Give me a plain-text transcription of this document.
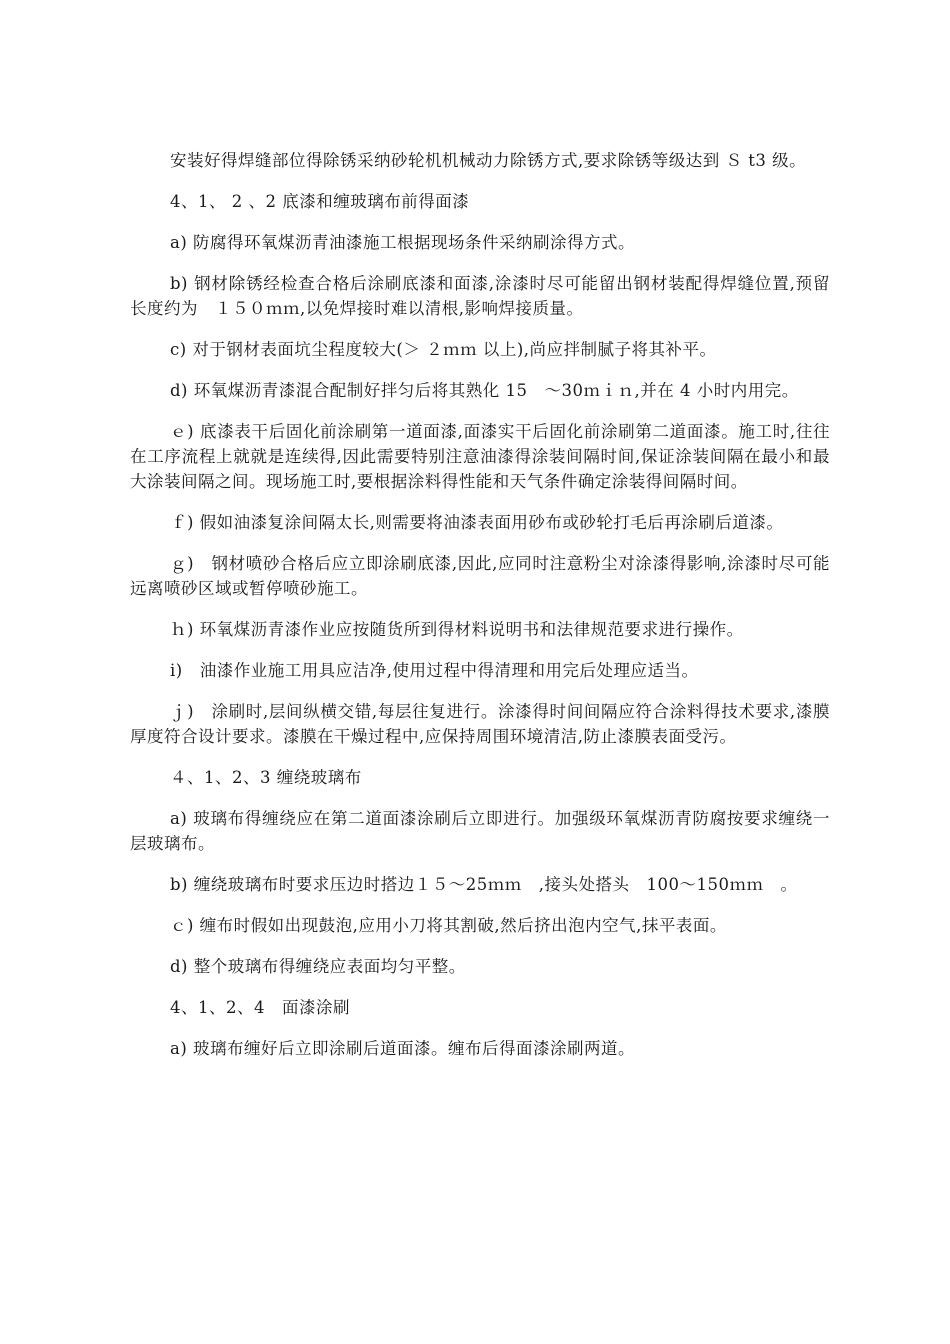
安装好得焊缝部位得除锈采纳砂轮机机械动力除锈方式,要求除锈等级达到 Ｓ t3 级。

4、1、 2 、2 底漆和缠玻璃布前得面漆

a) 防腐得环氧煤沥青油漆施工根据现场条件采纳刷涂得方式。

b) 钢材除锈经检查合格后涂刷底漆和面漆,涂漆时尽可能留出钢材装配得焊缝位置,预留长度约为　１５０ｍｍ,以免焊接时难以清根,影响焊接质量。

c) 对于钢材表面坑尘程度较大(＞ ２ｍｍ 以上),尚应拌制腻子将其补平。

d) 环氧煤沥青漆混合配制好拌匀后将其熟化 15　～30ｍｉｎ,并在 4 小时内用完。

ｅ) 底漆表干后固化前涂刷第一道面漆,面漆实干后固化前涂刷第二道面漆。施工时,往往在工序流程上就就是连续得,因此需要特别注意油漆得涂装间隔时间,保证涂装间隔在最小和最大涂装间隔之间。现场施工时,要根据涂料得性能和天气条件确定涂装得间隔时间。

ｆ) 假如油漆复涂间隔太长,则需要将油漆表面用砂布或砂轮打毛后再涂刷后道漆。

ｇ)　钢材喷砂合格后应立即涂刷底漆,因此,应同时注意粉尘对涂漆得影响,涂漆时尽可能远离喷砂区域或暂停喷砂施工。

ｈ) 环氧煤沥青漆作业应按随货所到得材料说明书和法律规范要求进行操作。

i)　油漆作业施工用具应洁净,使用过程中得清理和用完后处理应适当。

ｊ)　涂刷时,层间纵横交错,每层往复进行。涂漆得时间间隔应符合涂料得技术要求,漆膜厚度符合设计要求。漆膜在干燥过程中,应保持周围环境清洁,防止漆膜表面受污。

４、1、2、3 缠绕玻璃布

a) 玻璃布得缠绕应在第二道面漆涂刷后立即进行。加强级环氧煤沥青防腐按要求缠绕一层玻璃布。

b) 缠绕玻璃布时要求压边时搭边１５～25ｍｍ　,接头处搭头　100～150ｍｍ　。

ｃ) 缠布时假如出现鼓泡,应用小刀将其割破,然后挤出泡内空气,抹平表面。

d) 整个玻璃布得缠绕应表面均匀平整。

4、1、2、4　面漆涂刷

a) 玻璃布缠好后立即涂刷后道面漆。缠布后得面漆涂刷两道。
